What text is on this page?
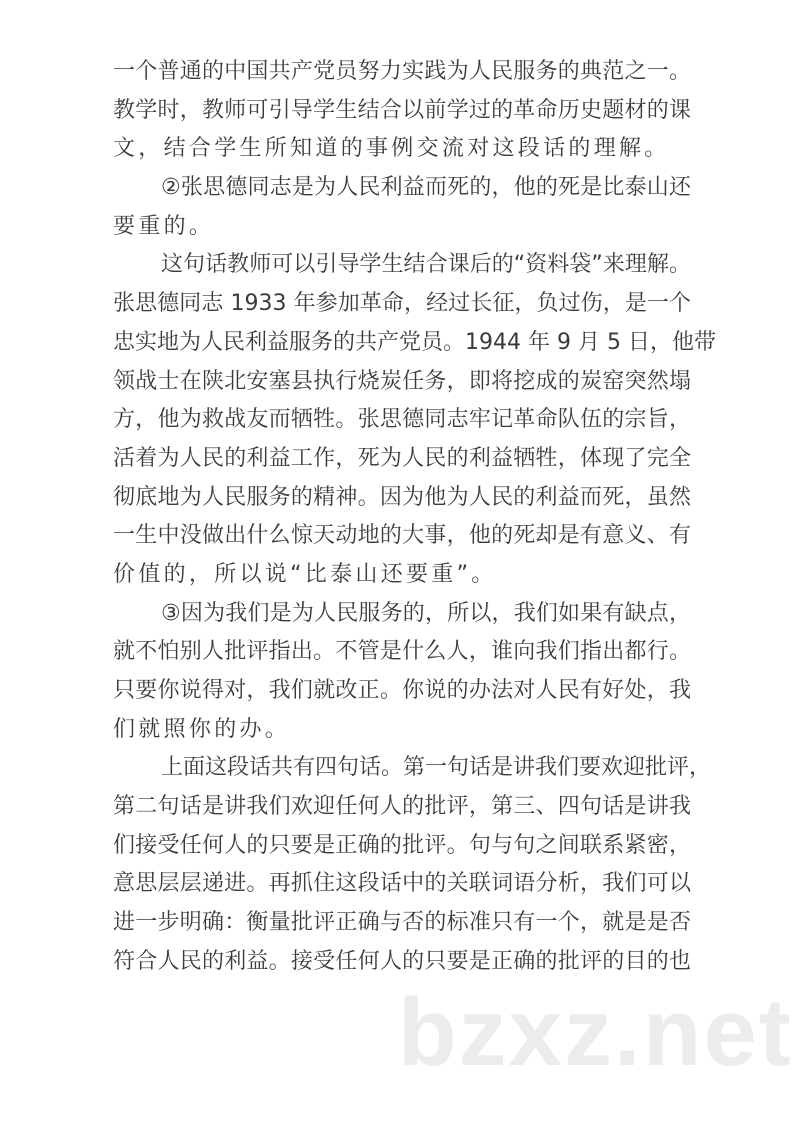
一个普通的中国共产党员努力实践为人民服务的典范之一。
教学时，教师可引导学生结合以前学过的革命历史题材的课
文，结合学生所知道的事例交流对这段话的理解。
②张思德同志是为人民利益而死的，他的死是比泰山还
要重的。
这句话教师可以引导学生结合课后的“资料袋”来理解。
张思德同志 1933 年参加革命，经过长征，负过伤，是一个
忠实地为人民利益服务的共产党员。1944 年 9 月 5 日，他带
领战士在陕北安塞县执行烧炭任务，即将挖成的炭窑突然塌
方，他为救战友而牺牲。张思德同志牢记革命队伍的宗旨，
活着为人民的利益工作，死为人民的利益牺牲，体现了完全
彻底地为人民服务的精神。因为他为人民的利益而死，虽然
一生中没做出什么惊天动地的大事，他的死却是有意义、有
价值的，所以说“比泰山还要重”。
③因为我们是为人民服务的，所以，我们如果有缺点，
就不怕别人批评指出。不管是什么人，谁向我们指出都行。
只要你说得对，我们就改正。你说的办法对人民有好处，我
们就照你的办。
上面这段话共有四句话。第一句话是讲我们要欢迎批评，
第二句话是讲我们欢迎任何人的批评，第三、四句话是讲我
们接受任何人的只要是正确的批评。句与句之间联系紧密，
意思层层递进。再抓住这段话中的关联词语分析，我们可以
进一步明确：衡量批评正确与否的标准只有一个，就是是否
符合人民的利益。接受任何人的只要是正确的批评的目的也
bzxz.net
